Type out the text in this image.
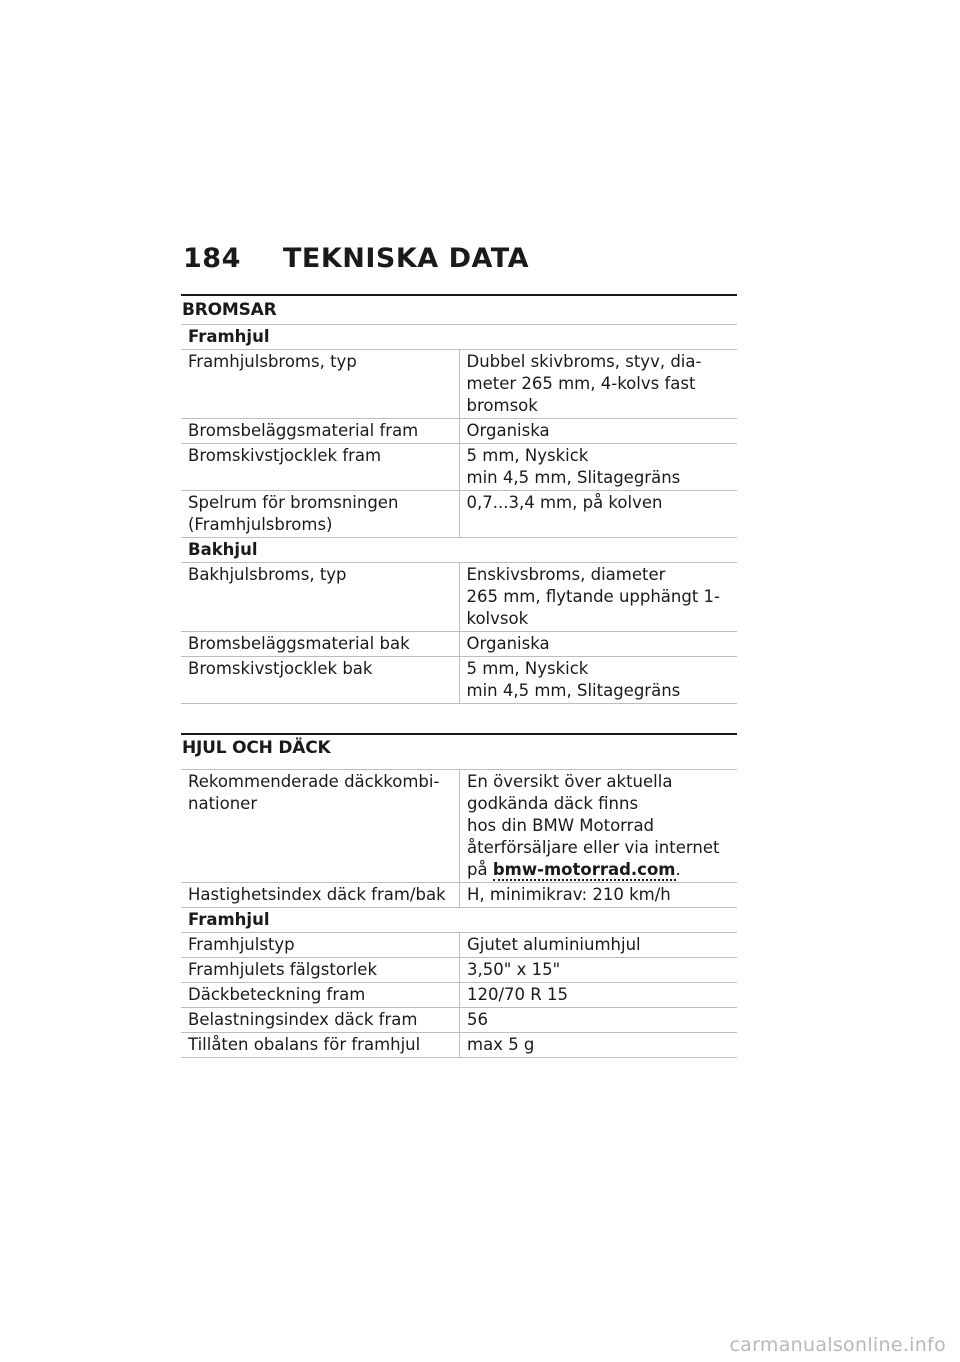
184 TEKNISKA DATA
BROMSAR
Framhjul	
Framhjulsbroms, typ	Dubbel skivbroms, styv, dia-
meter 265 mm, 4-kolvs fast
bromsok
Bromsbeläggsmaterial fram	Organiska
Bromskivstjocklek fram	5 mm, Nyskick
min 4,5 mm, Slitagegräns
Spelrum för bromsningen
(Framhjulsbroms)	0,7...3,4 mm, på kolven
Bakhjul	
Bakhjulsbroms, typ	Enskivsbroms, diameter
265 mm, flytande upphängt 1-
kolvsok
Bromsbeläggsmaterial bak	Organiska
Bromskivstjocklek bak	5 mm, Nyskick
min 4,5 mm, Slitagegräns
HJUL OCH DÄCK
Rekommenderade däckkombi-
nationer	En översikt över aktuella
godkända däck finns
hos din BMW Motorrad
återförsäljare eller via internet
på bmw-motorrad.com.
Hastighetsindex däck fram/bak	H, minimikrav: 210 km/h
Framhjul	
Framhjulstyp	Gjutet aluminiumhjul
Framhjulets fälgstorlek	3,50" x 15"
Däckbeteckning fram	120/70 R 15
Belastningsindex däck fram	56
Tillåten obalans för framhjul	max 5 g
carmanualsonline.info
